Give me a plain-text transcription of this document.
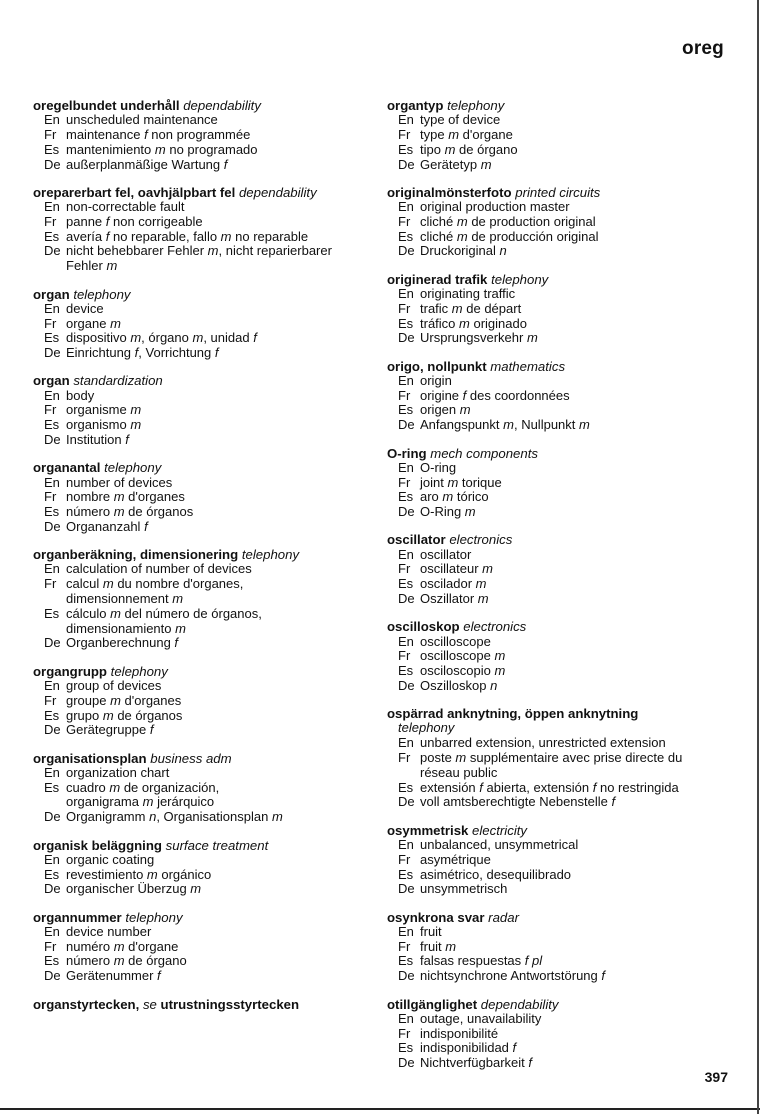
oreg
oregelbundet underhåll dependability
En unscheduled maintenance
Fr maintenance f non programmée
Es mantenimiento m no programado
De außerplanmäßige Wartung f
oreparerbart fel, oavhjälpbart fel dependability
En non-correctable fault
Fr panne f non corrigeable
Es avería f no reparable, fallo m no reparable
De nicht behebbarer Fehler m, nicht reparierbarer
Fehler m
organ telephony
En device
Fr organe m
Es dispositivo m, órgano m, unidad f
De Einrichtung f, Vorrichtung f
organ standardization
En body
Fr organisme m
Es organismo m
De Institution f
organantal telephony
En number of devices
Fr nombre m d'organes
Es número m de órganos
De Organanzahl f
organberäkning, dimensionering telephony
En calculation of number of devices
Fr calcul m du nombre d'organes,
dimensionnement m
Es cálculo m del número de órganos,
dimensionamiento m
De Organberechnung f
organgrupp telephony
En group of devices
Fr groupe m d'organes
Es grupo m de órganos
De Gerätegruppe f
organisationsplan business adm
En organization chart
Es cuadro m de organización,
organigrama m jerárquico
De Organigramm n, Organisationsplan m
organisk beläggning surface treatment
En organic coating
Es revestimiento m orgánico
De organischer Überzug m
organnummer telephony
En device number
Fr numéro m d'organe
Es número m de órgano
De Gerätenummer f
organstyrtecken, se utrustningsstyrtecken
organtyp telephony
En type of device
Fr type m d'organe
Es tipo m de órgano
De Gerätetyp m
originalmönsterfoto printed circuits
En original production master
Fr cliché m de production original
Es cliché m de producción original
De Druckoriginal n
originerad trafik telephony
En originating traffic
Fr trafic m de départ
Es tráfico m originado
De Ursprungsverkehr m
origo, nollpunkt mathematics
En origin
Fr origine f des coordonnées
Es origen m
De Anfangspunkt m, Nullpunkt m
O-ring mech components
En O-ring
Fr joint m torique
Es aro m tórico
De O-Ring m
oscillator electronics
En oscillator
Fr oscillateur m
Es oscilador m
De Oszillator m
oscilloskop electronics
En oscilloscope
Fr oscilloscope m
Es osciloscopio m
De Oszilloskop n
ospärrad anknytning, öppen anknytning
telephony
En unbarred extension, unrestricted extension
Fr poste m supplémentaire avec prise directe du
réseau public
Es extensión f abierta, extensión f no restringida
De voll amtsberechtigte Nebenstelle f
osymmetrisk electricity
En unbalanced, unsymmetrical
Fr asymétrique
Es asimétrico, desequilibrado
De unsymmetrisch
osynkrona svar radar
En fruit
Fr fruit m
Es falsas respuestas f pl
De nichtsynchrone Antwortstörung f
otillgänglighet dependability
En outage, unavailability
Fr indisponibilité
Es indisponibilidad f
De Nichtverfügbarkeit f
397
